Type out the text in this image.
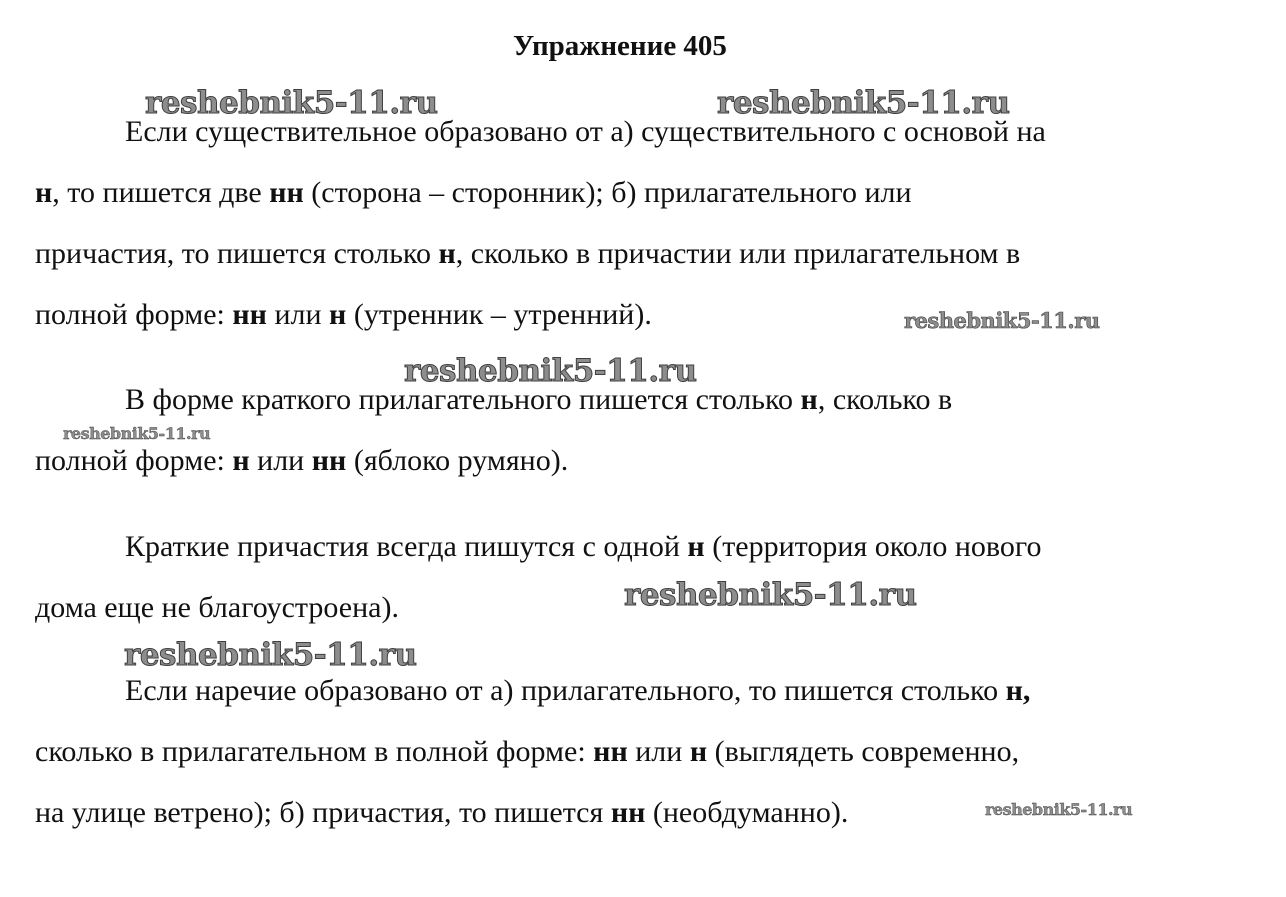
Упражнение 405
Если существительное образовано от а) существительного с основой на
н, то пишется две нн (сторона – сторонник); б) прилагательного или
причастия, то пишется столько н, сколько в причастии или прилагательном в
полной форме: нн или н (утренник – утренний).
В форме краткого прилагательного пишется столько н, сколько в
полной форме: н или нн (яблоко румяно).
Краткие причастия всегда пишутся с одной н (территория около нового
дома еще не благоустроена).
Если наречие образовано от а) прилагательного, то пишется столько н,
сколько в прилагательном в полной форме: нн или н (выглядеть современно,
на улице ветрено); б) причастия, то пишется нн (необдуманно).
reshebnik5-11.ru	reshebnik5-11.ru
reshebnik5-11.ru
reshebnik5-11.ru
reshebnik5-11.ru
reshebnik5-11.ru
reshebnik5-11.ru
reshebnik5-11.ru
